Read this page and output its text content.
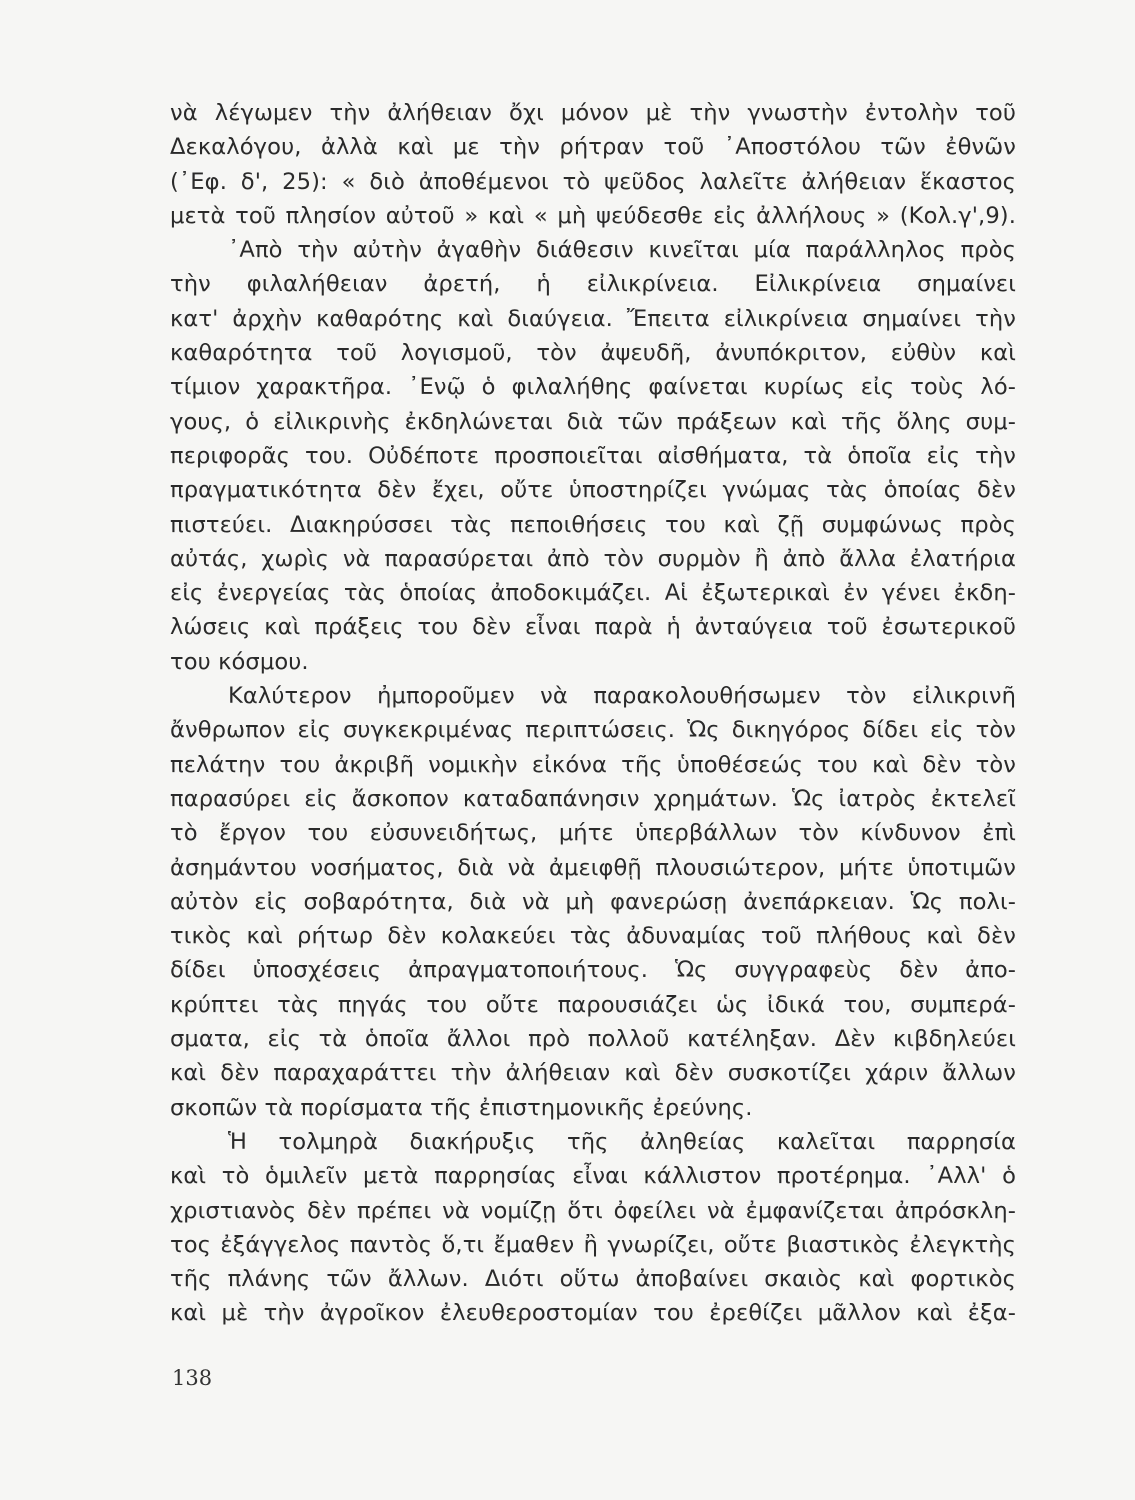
νὰ λέγωμεν τὴν ἀλήθειαν ὄχι μόνον μὲ τὴν γνωστὴν ἐντολὴν τοῦ
Δεκαλόγου, ἀλλὰ καὶ με τὴν ρήτραν τοῦ ᾿Αποστόλου τῶν ἐθνῶν
(᾿Εφ. δ', 25): « διὸ ἀποθέμενοι τὸ ψεῦδος λαλεῖτε ἀλήθειαν ἕκαστος
μετὰ τοῦ πλησίον αὐτοῦ » καὶ « μὴ ψεύδεσθε εἰς ἀλλήλους » (Κολ.γ',9).
᾿Απὸ τὴν αὐτὴν ἀγαθὴν διάθεσιν κινεῖται μία παράλληλος πρὸς
τὴν φιλαλήθειαν ἀρετή, ἡ εἰλικρίνεια. Εἰλικρίνεια σημαίνει
κατ' ἀρχὴν καθαρότης καὶ διαύγεια. Ἔπειτα εἰλικρίνεια σημαίνει τὴν
καθαρότητα τοῦ λογισμοῦ, τὸν ἀψευδῆ, ἀνυπόκριτον, εὐθὺν καὶ
τίμιον χαρακτῆρα. ᾿Ενῷ ὁ φιλαλήθης φαίνεται κυρίως εἰς τοὺς λό-
γους, ὁ εἰλικρινὴς ἐκδηλώνεται διὰ τῶν πράξεων καὶ τῆς ὅλης συμ-
περιφορᾶς του. Οὐδέποτε προσποιεῖται αἰσθήματα, τὰ ὁποῖα εἰς τὴν
πραγματικότητα δὲν ἔχει, οὔτε ὑποστηρίζει γνώμας τὰς ὁποίας δὲν
πιστεύει. Διακηρύσσει τὰς πεποιθήσεις του καὶ ζῇ συμφώνως πρὸς
αὐτάς, χωρὶς νὰ παρασύρεται ἀπὸ τὸν συρμὸν ἢ ἀπὸ ἄλλα ἐλατήρια
εἰς ἐνεργείας τὰς ὁποίας ἀποδοκιμάζει. Αἱ ἐξωτερικαὶ ἐν γένει ἐκδη-
λώσεις καὶ πράξεις του δὲν εἶναι παρὰ ἡ ἀνταύγεια τοῦ ἐσωτερικοῦ
του κόσμου.
Καλύτερον ἠμποροῦμεν νὰ παρακολουθήσωμεν τὸν εἰλικρινῆ
ἄνθρωπον εἰς συγκεκριμένας περιπτώσεις. Ὡς δικηγόρος δίδει εἰς τὸν
πελάτην του ἀκριβῆ νομικὴν εἰκόνα τῆς ὑποθέσεώς του καὶ δὲν τὸν
παρασύρει εἰς ἄσκοπον καταδαπάνησιν χρημάτων. Ὡς ἰατρὸς ἐκτελεῖ
τὸ ἔργον του εὐσυνειδήτως, μήτε ὑπερβάλλων τὸν κίνδυνον ἐπὶ
ἀσημάντου νοσήματος, διὰ νὰ ἀμειφθῇ πλουσιώτερον, μήτε ὑποτιμῶν
αὐτὸν εἰς σοβαρότητα, διὰ νὰ μὴ φανερώσῃ ἀνεπάρκειαν. Ὡς πολι-
τικὸς καὶ ρήτωρ δὲν κολακεύει τὰς ἀδυναμίας τοῦ πλήθους καὶ δὲν
δίδει ὑποσχέσεις ἀπραγματοποιήτους. Ὡς συγγραφεὺς δὲν ἀπο-
κρύπτει τὰς πηγάς του οὔτε παρουσιάζει ὡς ἰδικά του, συμπερά-
σματα, εἰς τὰ ὁποῖα ἄλλοι πρὸ πολλοῦ κατέληξαν. Δὲν κιβδηλεύει
καὶ δὲν παραχαράττει τὴν ἀλήθειαν καὶ δὲν συσκοτίζει χάριν ἄλλων
σκοπῶν τὰ πορίσματα τῆς ἐπιστημονικῆς ἐρεύνης.
Ἡ τολμηρὰ διακήρυξις τῆς ἀληθείας καλεῖται παρρησία
καὶ τὸ ὁμιλεῖν μετὰ παρρησίας εἶναι κάλλιστον προτέρημα. ᾿Αλλ' ὁ
χριστιανὸς δὲν πρέπει νὰ νομίζῃ ὅτι ὀφείλει νὰ ἐμφανίζεται ἀπρόσκλη-
τος ἐξάγγελος παντὸς ὅ,τι ἔμαθεν ἢ γνωρίζει, οὔτε βιαστικὸς ἐλεγκτὴς
τῆς πλάνης τῶν ἄλλων. Διότι οὕτω ἀποβαίνει σκαιὸς καὶ φορτικὸς
καὶ μὲ τὴν ἀγροῖκον ἐλευθεροστομίαν του ἐρεθίζει μᾶλλον καὶ ἐξα-
138
